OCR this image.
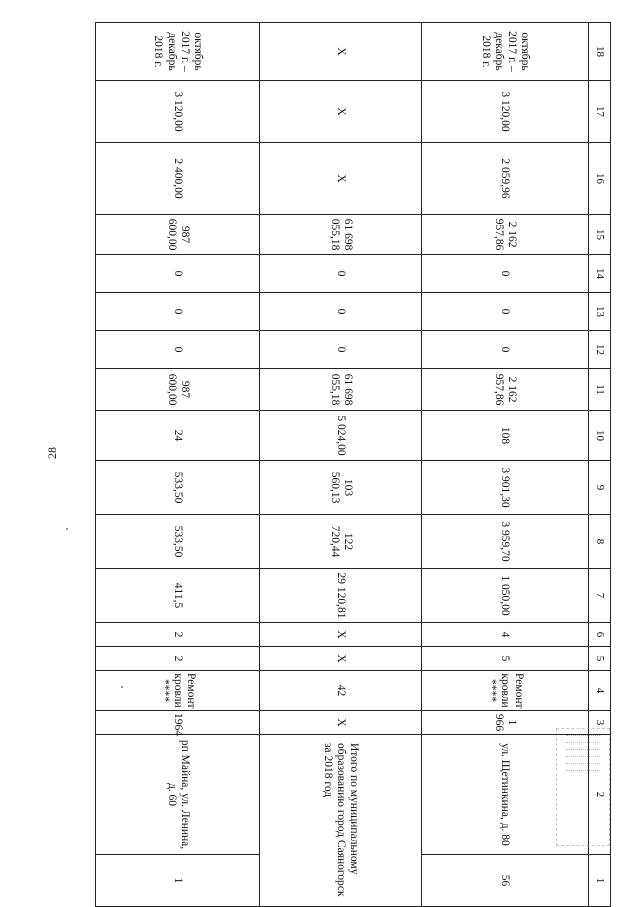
28
18	17	16	15	14	13	12	11	10	9	8	7	6	5	4	3	2	1
октябрь 2017 г. – декабрь 2018 г.	3 120,00	2 059,96	2 162 957,86	0	0	0	2 162 957,86	108	3 901,30	3 959,70	1 050,00	4	5	Ремонт кровли ****	1 966	ул. Щетинкина, д. 80	56
X	X	X	61 698 055,18	0	0	0	61 698 055,18	5 024,00	103 560,13	122 720,44	29 120,81	X	X	42	X	Итого по муниципальному образованию город Саяногорск за 2018 год	
октябрь 2017 г. – декабрь 2018 г.	3 120,00	2 400,00	987 600,00	0	0	0	987 600,00	24	533,50	533,50	411,5	2	2	Ремонт кровли ****	1964	рп Майна, ул. Ленина, д. 60	1
